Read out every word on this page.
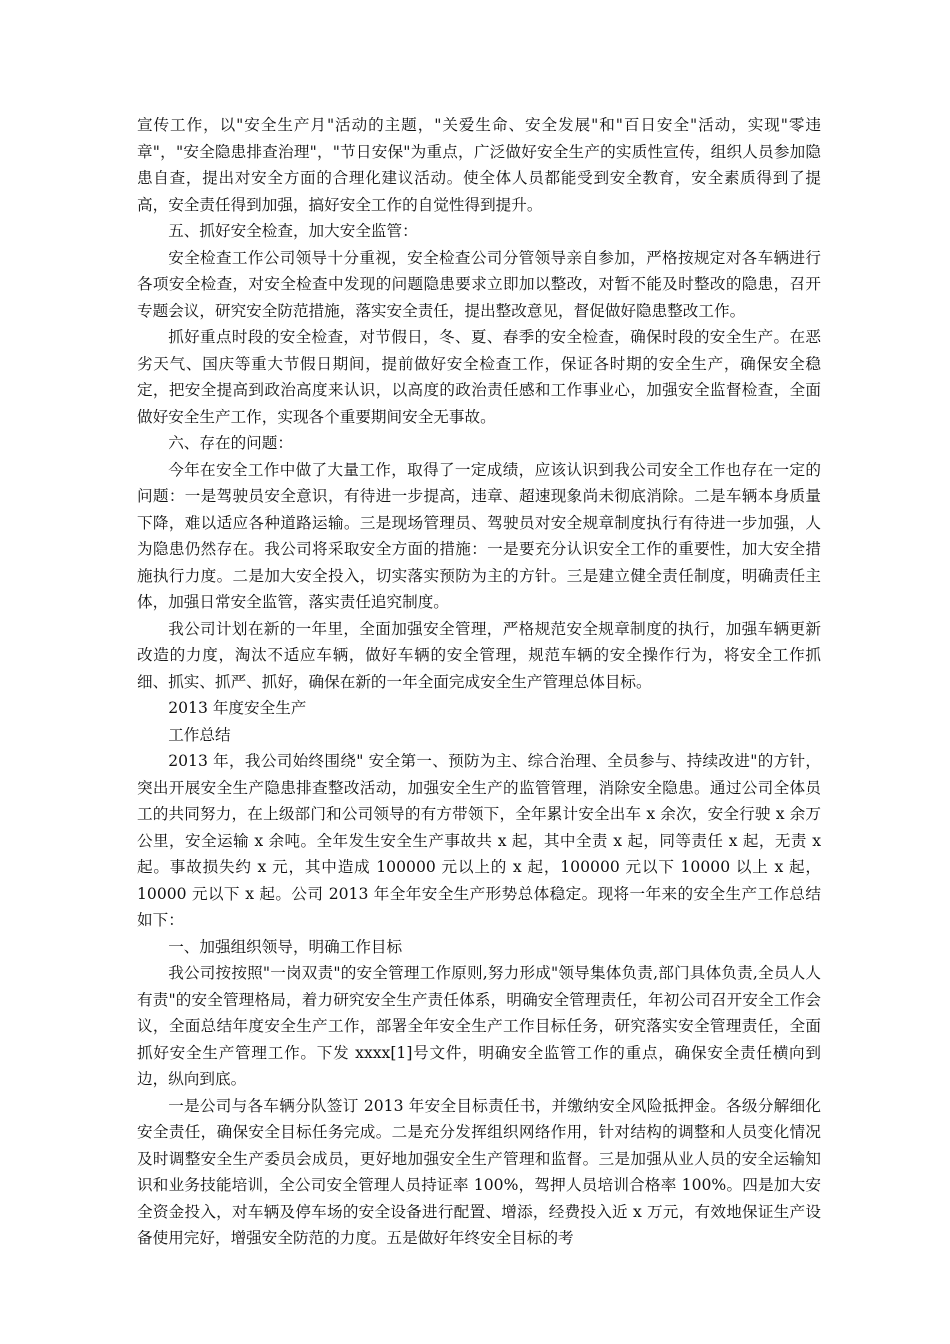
宣传工作，以"安全生产月"活动的主题，"关爱生命、安全发展"和"百日安全"活动，实现"零违章"，"安全隐患排查治理"，"节日安保"为重点，广泛做好安全生产的实质性宣传，组织人员参加隐患自查，提出对安全方面的合理化建议活动。使全体人员都能受到安全教育，安全素质得到了提高，安全责任得到加强，搞好安全工作的自觉性得到提升。

五、抓好安全检查，加大安全监管：

安全检查工作公司领导十分重视，安全检查公司分管领导亲自参加，严格按规定对各车辆进行各项安全检查，对安全检查中发现的问题隐患要求立即加以整改，对暂不能及时整改的隐患，召开专题会议，研究安全防范措施，落实安全责任，提出整改意见，督促做好隐患整改工作。

抓好重点时段的安全检查，对节假日，冬、夏、春季的安全检查，确保时段的安全生产。在恶劣天气、国庆等重大节假日期间，提前做好安全检查工作，保证各时期的安全生产，确保安全稳定，把安全提高到政治高度来认识，以高度的政治责任感和工作事业心，加强安全监督检查，全面做好安全生产工作，实现各个重要期间安全无事故。

六、存在的问题：

今年在安全工作中做了大量工作，取得了一定成绩，应该认识到我公司安全工作也存在一定的问题：一是驾驶员安全意识，有待进一步提高，违章、超速现象尚未彻底消除。二是车辆本身质量下降，难以适应各种道路运输。三是现场管理员、驾驶员对安全规章制度执行有待进一步加强，人为隐患仍然存在。我公司将采取安全方面的措施：一是要充分认识安全工作的重要性，加大安全措施执行力度。二是加大安全投入，切实落实预防为主的方针。三是建立健全责任制度，明确责任主体，加强日常安全监管，落实责任追究制度。

我公司计划在新的一年里，全面加强安全管理，严格规范安全规章制度的执行，加强车辆更新改造的力度，淘汰不适应车辆，做好车辆的安全管理，规范车辆的安全操作行为，将安全工作抓细、抓实、抓严、抓好，确保在新的一年全面完成安全生产管理总体目标。

2013 年度安全生产

工作总结

2013 年，我公司始终围绕" 安全第一、预防为主、综合治理、全员参与、持续改进"的方针，突出开展安全生产隐患排查整改活动，加强安全生产的监管管理，消除安全隐患。通过公司全体员工的共同努力，在上级部门和公司领导的有方带领下，全年累计安全出车 x 余次，安全行驶 x 余万公里，安全运输 x 余吨。全年发生安全生产事故共 x 起，其中全责 x 起，同等责任 x 起，无责 x 起。事故损失约 x 元，其中造成 100000 元以上的 x 起，100000 元以下 10000 以上 x 起，10000 元以下 x 起。公司 2013 年全年安全生产形势总体稳定。现将一年来的安全生产工作总结如下：

一、加强组织领导，明确工作目标

我公司按按照"一岗双责"的安全管理工作原则,努力形成"领导集体负责,部门具体负责,全员人人有责"的安全管理格局，着力研究安全生产责任体系，明确安全管理责任，年初公司召开安全工作会议，全面总结年度安全生产工作，部署全年安全生产工作目标任务，研究落实安全管理责任，全面抓好安全生产管理工作。下发 xxxx[1]号文件，明确安全监管工作的重点，确保安全责任横向到边，纵向到底。

一是公司与各车辆分队签订 2013 年安全目标责任书，并缴纳安全风险抵押金。各级分解细化安全责任，确保安全目标任务完成。二是充分发挥组织网络作用，针对结构的调整和人员变化情况及时调整安全生产委员会成员，更好地加强安全生产管理和监督。三是加强从业人员的安全运输知识和业务技能培训，全公司安全管理人员持证率 100%，驾押人员培训合格率 100%。四是加大安全资金投入，对车辆及停车场的安全设备进行配置、增添，经费投入近 x 万元，有效地保证生产设备使用完好，增强安全防范的力度。五是做好年终安全目标的考
